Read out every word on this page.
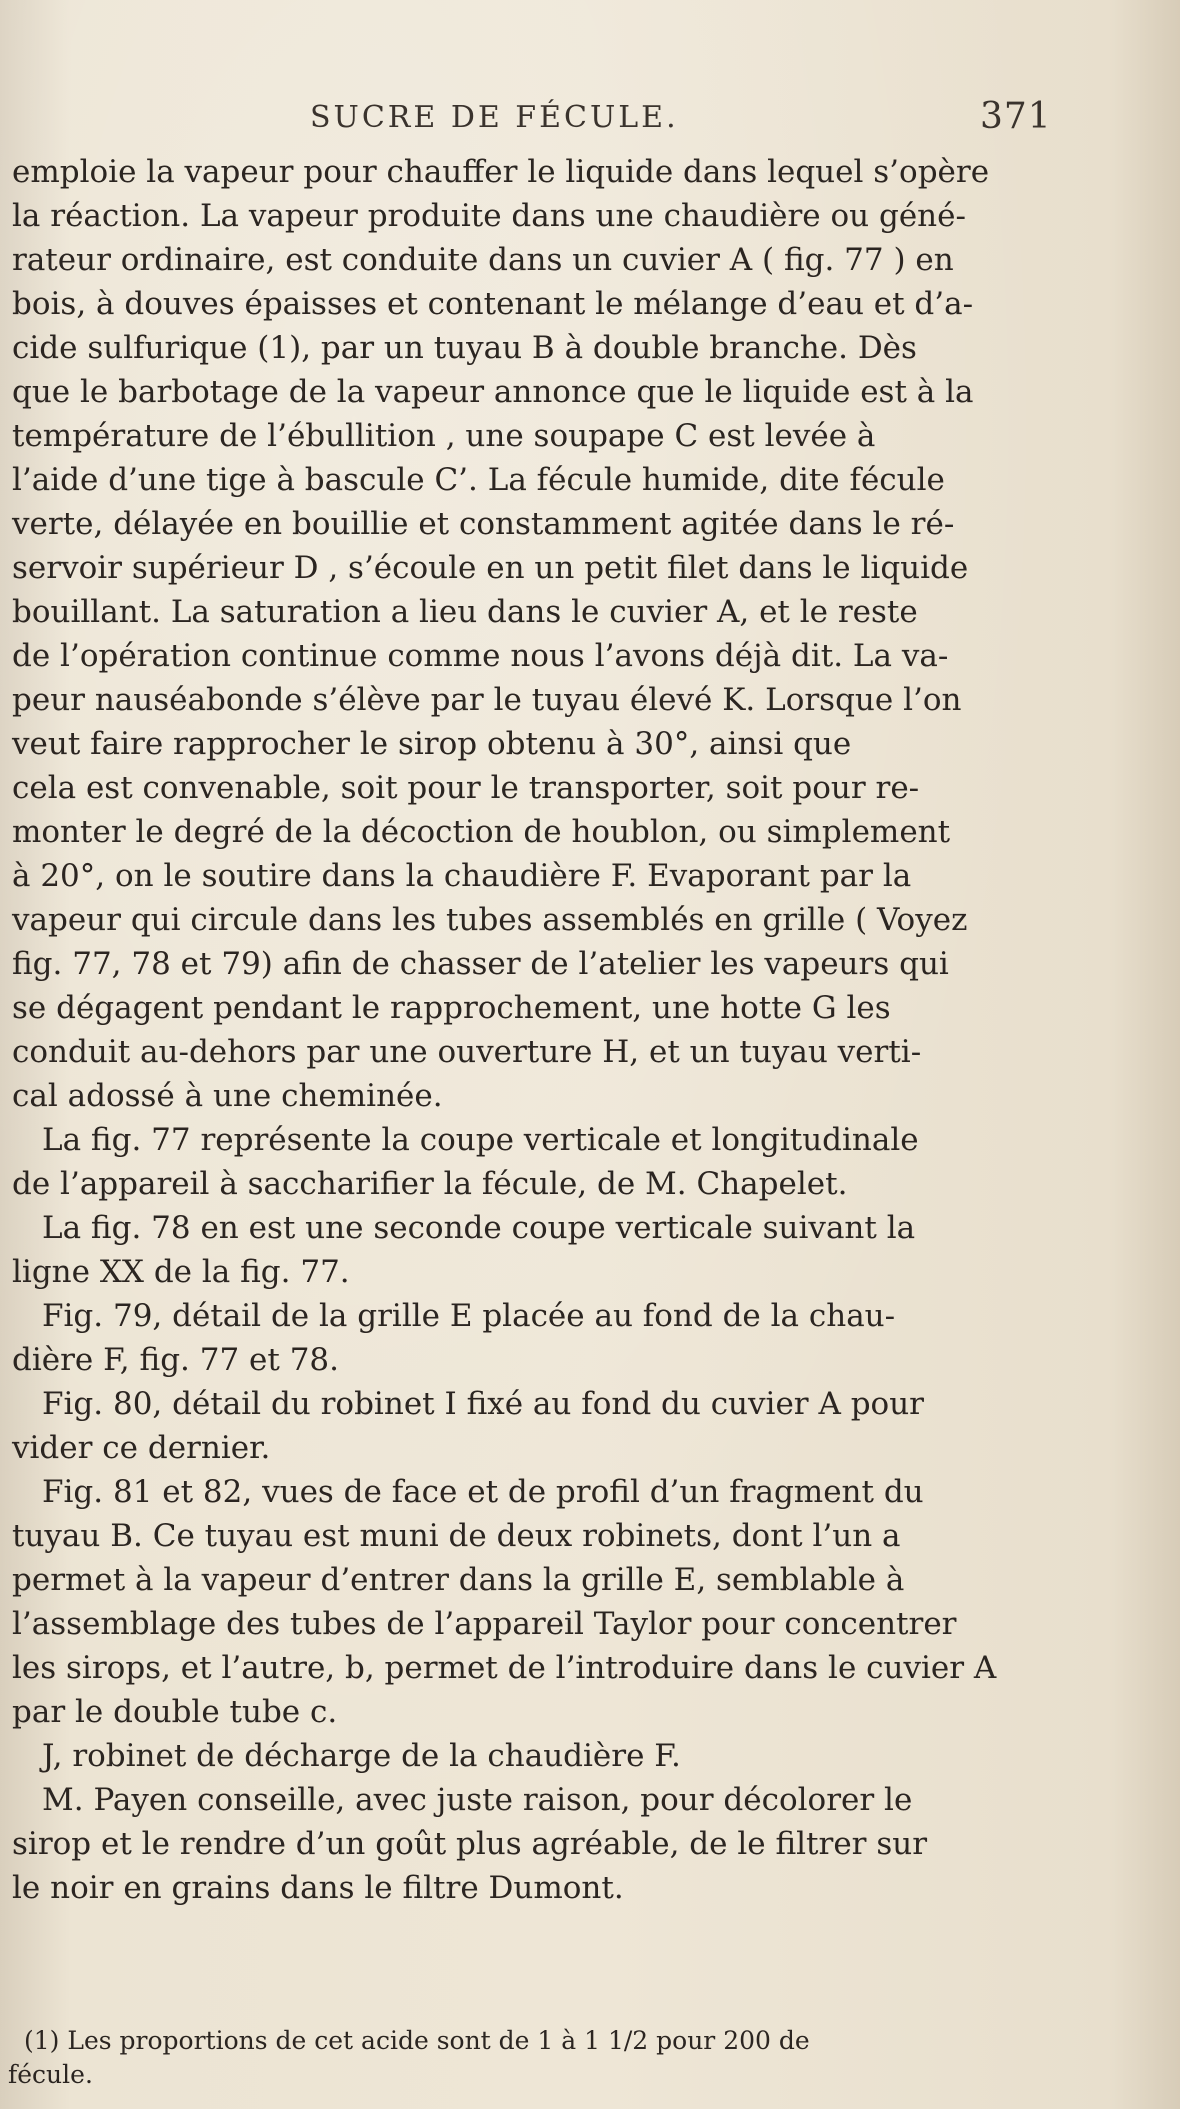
SUCRE DE FÉCULE.	371
emploie la vapeur pour chauffer le liquide dans lequel s’opère
la réaction. La vapeur produite dans une chaudière ou géné-
rateur ordinaire, est conduite dans un cuvier A ( fig. 77 ) en
bois, à douves épaisses et contenant le mélange d’eau et d’a-
cide sulfurique (1), par un tuyau B à double branche. Dès
que le barbotage de la vapeur annonce que le liquide est à la
température de l’ébullition , une soupape C est levée à
l’aide d’une tige à bascule C’. La fécule humide, dite fécule
verte, délayée en bouillie et constamment agitée dans le ré-
servoir supérieur D , s’écoule en un petit filet dans le liquide
bouillant. La saturation a lieu dans le cuvier A, et le reste
de l’opération continue comme nous l’avons déjà dit. La va-
peur nauséabonde s’élève par le tuyau élevé K. Lorsque l’on
veut faire rapprocher le sirop obtenu à 30°, ainsi que
cela est convenable, soit pour le transporter, soit pour re-
monter le degré de la décoction de houblon, ou simplement
à 20°, on le soutire dans la chaudière F. Evaporant par la
vapeur qui circule dans les tubes assemblés en grille ( Voyez
fig. 77, 78 et 79) afin de chasser de l’atelier les vapeurs qui
se dégagent pendant le rapprochement, une hotte G les
conduit au-dehors par une ouverture H, et un tuyau verti-
cal adossé à une cheminée.
La fig. 77 représente la coupe verticale et longitudinale
de l’appareil à saccharifier la fécule, de M. Chapelet.
La fig. 78 en est une seconde coupe verticale suivant la
ligne XX de la fig. 77.
Fig. 79, détail de la grille E placée au fond de la chau-
dière F, fig. 77 et 78.
Fig. 80, détail du robinet I fixé au fond du cuvier A pour
vider ce dernier.
Fig. 81 et 82, vues de face et de profil d’un fragment du
tuyau B. Ce tuyau est muni de deux robinets, dont l’un a
permet à la vapeur d’entrer dans la grille E, semblable à
l’assemblage des tubes de l’appareil Taylor pour concentrer
les sirops, et l’autre, b, permet de l’introduire dans le cuvier A
par le double tube c.
J, robinet de décharge de la chaudière F.
M. Payen conseille, avec juste raison, pour décolorer le
sirop et le rendre d’un goût plus agréable, de le filtrer sur
le noir en grains dans le filtre Dumont.
(1) Les proportions de cet acide sont de 1 à 1 1/2 pour 200 de
fécule.
